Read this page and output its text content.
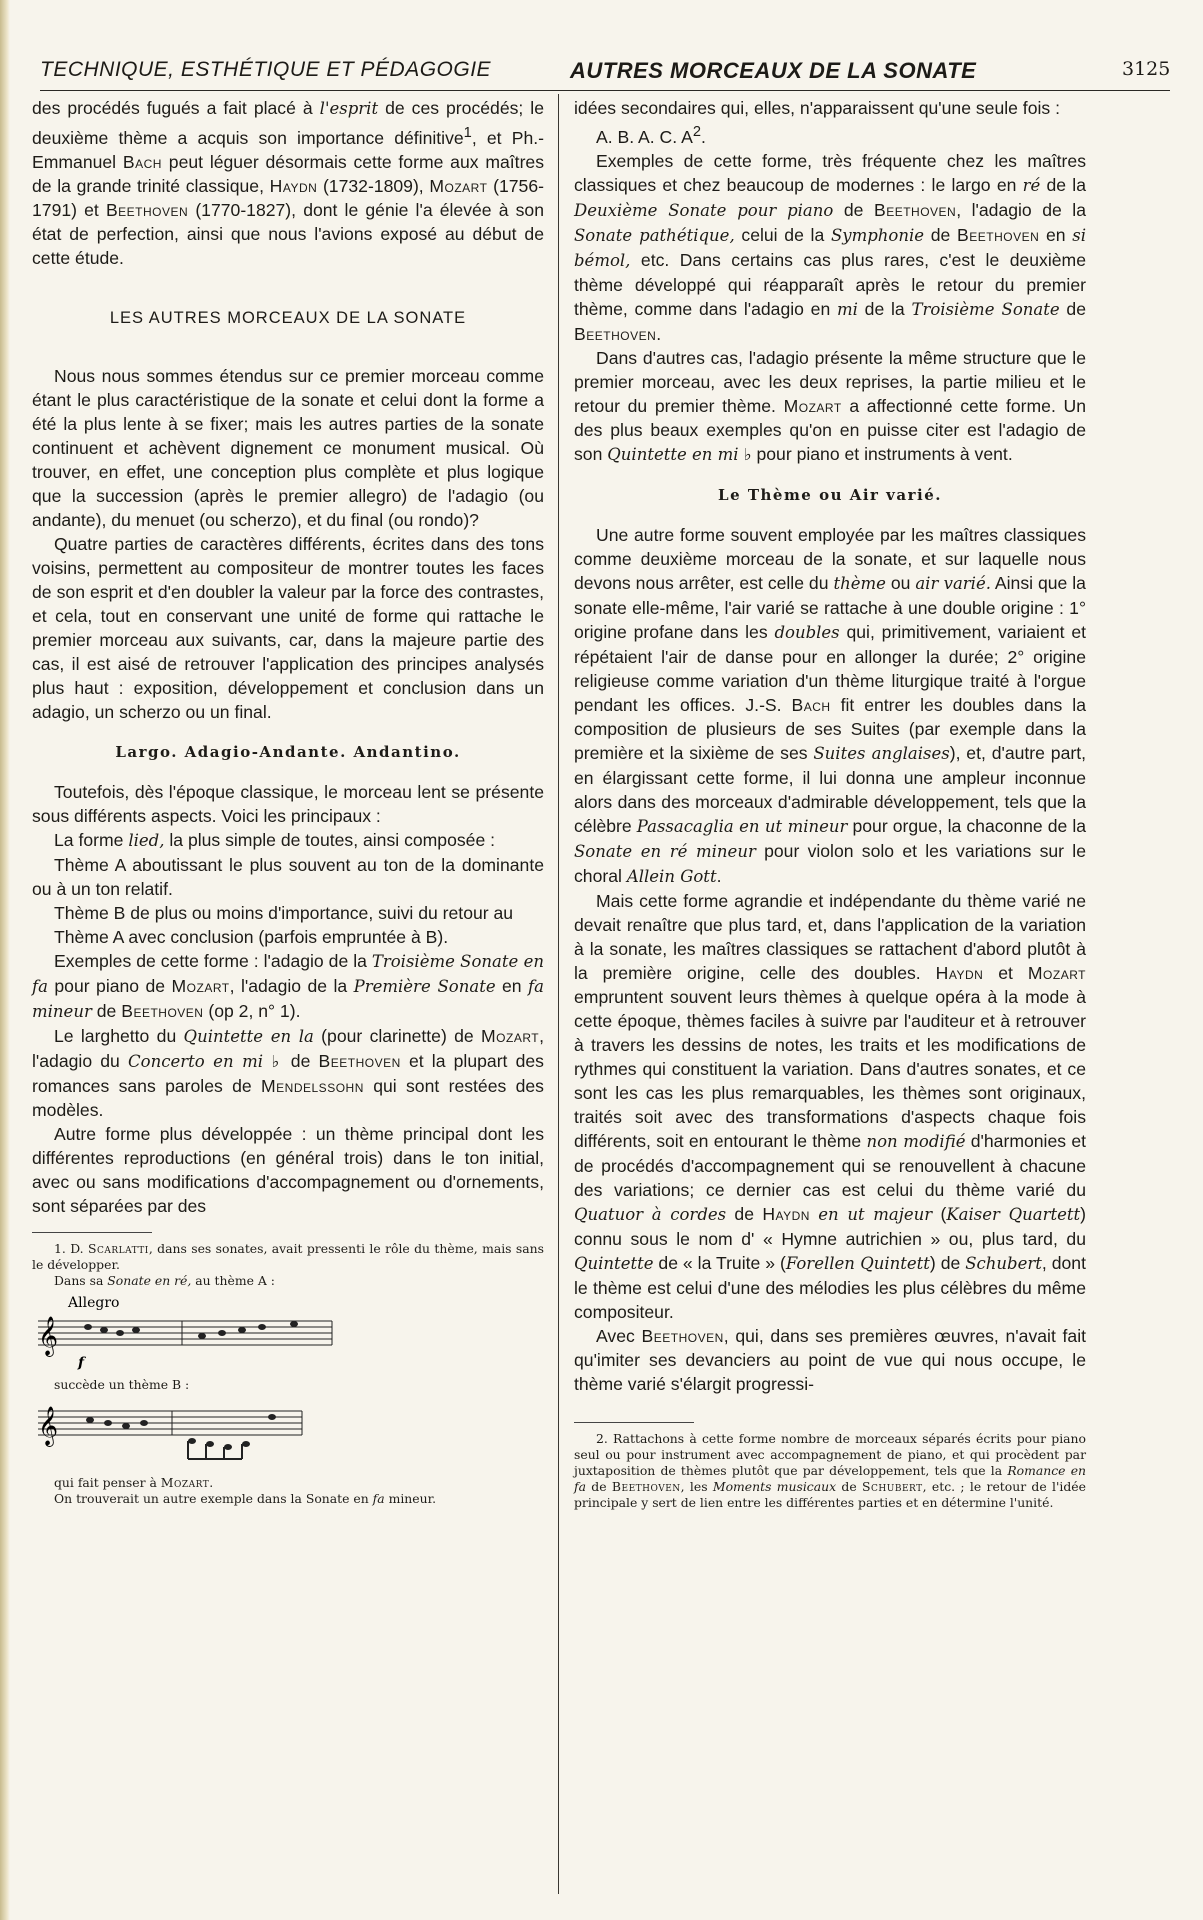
TECHNIQUE, ESTHÉTIQUE ET PÉDAGOGIE	AUTRES MORCEAUX DE LA SONATE	3125

des procédés fugués a fait placé à l'esprit de ces procédés; le deuxième thème a acquis son importance définitive$^1$, et Ph.-Emmanuel Bach peut léguer désormais cette forme aux maîtres de la grande trinité classique, Haydn (1732-1809), Mozart (1756-1791) et Beethoven (1770-1827), dont le génie l'a élevée à son état de perfection, ainsi que nous l'avions exposé au début de cette étude.

LES AUTRES MORCEAUX DE LA SONATE

Nous nous sommes étendus sur ce premier morceau comme étant le plus caractéristique de la sonate et celui dont la forme a été la plus lente à se fixer; mais les autres parties de la sonate continuent et achèvent dignement ce monument musical. Où trouver, en effet, une conception plus complète et plus logique que la succession (après le premier allegro) de l'adagio (ou andante), du menuet (ou scherzo), et du final (ou rondo)?

Quatre parties de caractères différents, écrites dans des tons voisins, permettent au compositeur de montrer toutes les faces de son esprit et d'en doubler la valeur par la force des contrastes, et cela, tout en conservant une unité de forme qui rattache le premier morceau aux suivants, car, dans la majeure partie des cas, il est aisé de retrouver l'application des principes analysés plus haut : exposition, développement et conclusion dans un adagio, un scherzo ou un final.

Largo. Adagio-Andante. Andantino.

Toutefois, dès l'époque classique, le morceau lent se présente sous différents aspects. Voici les principaux :

La forme lied, la plus simple de toutes, ainsi composée :

Thème A aboutissant le plus souvent au ton de la dominante ou à un ton relatif.

Thème B de plus ou moins d'importance, suivi du retour au

Thème A avec conclusion (parfois empruntée à B).

Exemples de cette forme : l'adagio de la Troisième Sonate en fa pour piano de Mozart, l'adagio de la Première Sonate en fa mineur de Beethoven (op 2, n° 1).

Le larghetto du Quintette en la (pour clarinette) de Mozart, l'adagio du Concerto en mi ♭ de Beethoven et la plupart des romances sans paroles de Mendelssohn qui sont restées des modèles.

Autre forme plus développée : un thème principal dont les différentes reproductions (en général trois) dans le ton initial, avec ou sans modifications d'accompagnement ou d'ornements, sont séparées par des

1. D. Scarlatti, dans ses sonates, avait pressenti le rôle du thème, mais sans le développer.

Dans sa Sonate en ré, au thème A :

Allegro
𝄞
f

succède un thème B :

𝄞

qui fait penser à Mozart.

On trouverait un autre exemple dans la Sonate en fa mineur.

idées secondaires qui, elles, n'apparaissent qu'une seule fois :

A. B. A. C. $A^2$.

Exemples de cette forme, très fréquente chez les maîtres classiques et chez beaucoup de modernes : le largo en ré de la Deuxième Sonate pour piano de Beethoven, l'adagio de la Sonate pathétique, celui de la Symphonie de Beethoven en si bémol, etc. Dans certains cas plus rares, c'est le deuxième thème développé qui réapparaît après le retour du premier thème, comme dans l'adagio en mi de la Troisième Sonate de Beethoven.

Dans d'autres cas, l'adagio présente la même structure que le premier morceau, avec les deux reprises, la partie milieu et le retour du premier thème. Mozart a affectionné cette forme. Un des plus beaux exemples qu'on en puisse citer est l'adagio de son Quintette en mi ♭ pour piano et instruments à vent.

Le Thème ou Air varié.

Une autre forme souvent employée par les maîtres classiques comme deuxième morceau de la sonate, et sur laquelle nous devons nous arrêter, est celle du thème ou air varié. Ainsi que la sonate elle-même, l'air varié se rattache à une double origine : 1° origine profane dans les doubles qui, primitivement, variaient et répétaient l'air de danse pour en allonger la durée; 2° origine religieuse comme variation d'un thème liturgique traité à l'orgue pendant les offices. J.-S. Bach fit entrer les doubles dans la composition de plusieurs de ses Suites (par exemple dans la première et la sixième de ses Suites anglaises), et, d'autre part, en élargissant cette forme, il lui donna une ampleur inconnue alors dans des morceaux d'admirable développement, tels que la célèbre Passacaglia en ut mineur pour orgue, la chaconne de la Sonate en ré mineur pour violon solo et les variations sur le choral Allein Gott.

Mais cette forme agrandie et indépendante du thème varié ne devait renaître que plus tard, et, dans l'application de la variation à la sonate, les maîtres classiques se rattachent d'abord plutôt à la première origine, celle des doubles. Haydn et Mozart empruntent souvent leurs thèmes à quelque opéra à la mode à cette époque, thèmes faciles à suivre par l'auditeur et à retrouver à travers les dessins de notes, les traits et les modifications de rythmes qui constituent la variation. Dans d'autres sonates, et ce sont les cas les plus remarquables, les thèmes sont originaux, traités soit avec des transformations d'aspects chaque fois différents, soit en entourant le thème non modifié d'harmonies et de procédés d'accompagnement qui se renouvellent à chacune des variations; ce dernier cas est celui du thème varié du Quatuor à cordes de Haydn en ut majeur (Kaiser Quartett) connu sous le nom d' « Hymne autrichien » ou, plus tard, du Quintette de « la Truite » (Forellen Quintett) de Schubert, dont le thème est celui d'une des mélodies les plus célèbres du même compositeur.

Avec Beethoven, qui, dans ses premières œuvres, n'avait fait qu'imiter ses devanciers au point de vue qui nous occupe, le thème varié s'élargit progressi-

2. Rattachons à cette forme nombre de morceaux séparés écrits pour piano seul ou pour instrument avec accompagnement de piano, et qui procèdent par juxtaposition de thèmes plutôt que par développement, tels que la Romance en fa de Beethoven, les Moments musicaux de Schubert, etc. ; le retour de l'idée principale y sert de lien entre les différentes parties et en détermine l'unité.
